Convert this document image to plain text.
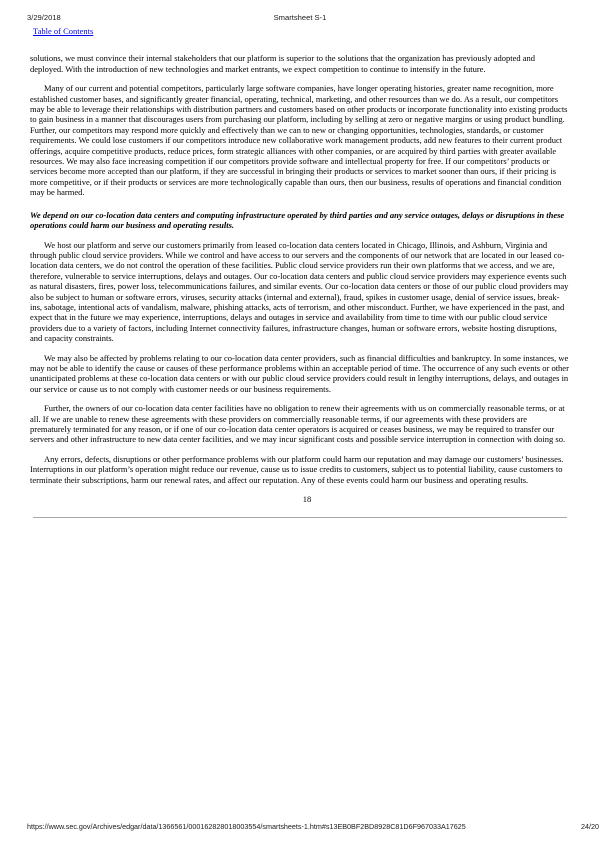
3/29/2018	Smartsheet S-1
Table of Contents

solutions, we must convince their internal stakeholders that our platform is superior to the solutions that the organization has previously adopted and deployed. With the introduction of new technologies and market entrants, we expect competition to continue to intensify in the future.

Many of our current and potential competitors, particularly large software companies, have longer operating histories, greater name recognition, more established customer bases, and significantly greater financial, operating, technical, marketing, and other resources than we do. As a result, our competitors may be able to leverage their relationships with distribution partners and customers based on other products or incorporate functionality into existing products to gain business in a manner that discourages users from purchasing our platform, including by selling at zero or negative margins or using product bundling. Further, our competitors may respond more quickly and effectively than we can to new or changing opportunities, technologies, standards, or customer requirements. We could lose customers if our competitors introduce new collaborative work management products, add new features to their current product offerings, acquire competitive products, reduce prices, form strategic alliances with other companies, or are acquired by third parties with greater available resources. We may also face increasing competition if our competitors provide software and intellectual property for free. If our competitors’ products or services become more accepted than our platform, if they are successful in bringing their products or services to market sooner than ours, if their pricing is more competitive, or if their products or services are more technologically capable than ours, then our business, results of operations and financial condition may be harmed.

We depend on our co-location data centers and computing infrastructure operated by third parties and any service outages, delays or disruptions in these operations could harm our business and operating results.

We host our platform and serve our customers primarily from leased co-location data centers located in Chicago, Illinois, and Ashburn, Virginia and through public cloud service providers. While we control and have access to our servers and the components of our network that are located in our leased co-location data centers, we do not control the operation of these facilities. Public cloud service providers run their own platforms that we access, and we are, therefore, vulnerable to service interruptions, delays and outages. Our co-location data centers and public cloud service providers may experience events such as natural disasters, fires, power loss, telecommunications failures, and similar events. Our co-location data centers or those of our public cloud providers may also be subject to human or software errors, viruses, security attacks (internal and external), fraud, spikes in customer usage, denial of service issues, break-ins, sabotage, intentional acts of vandalism, malware, phishing attacks, acts of terrorism, and other misconduct. Further, we have experienced in the past, and expect that in the future we may experience, interruptions, delays and outages in service and availability from time to time with our public cloud service providers due to a variety of factors, including Internet connectivity failures, infrastructure changes, human or software errors, website hosting disruptions, and capacity constraints.

We may also be affected by problems relating to our co-location data center providers, such as financial difficulties and bankruptcy. In some instances, we may not be able to identify the cause or causes of these performance problems within an acceptable period of time. The occurrence of any such events or other unanticipated problems at these co-location data centers or with our public cloud service providers could result in lengthy interruptions, delays, and outages in our service or cause us to not comply with customer needs or our business requirements.

Further, the owners of our co-location data center facilities have no obligation to renew their agreements with us on commercially reasonable terms, or at all. If we are unable to renew these agreements with these providers on commercially reasonable terms, if our agreements with these providers are prematurely terminated for any reason, or if one of our co-location data center operators is acquired or ceases business, we may be required to transfer our servers and other infrastructure to new data center facilities, and we may incur significant costs and possible service interruption in connection with doing so.

Any errors, defects, disruptions or other performance problems with our platform could harm our reputation and may damage our customers’ businesses. Interruptions in our platform’s operation might reduce our revenue, cause us to issue credits to customers, subject us to potential liability, cause customers to terminate their subscriptions, harm our renewal rates, and affect our reputation. Any of these events could harm our business and operating results.

18

https://www.sec.gov/Archives/edgar/data/1366561/000162828018003554/smartsheets-1.htm#s13EB0BF2BD8928C81D6F967033A17625	24/20
